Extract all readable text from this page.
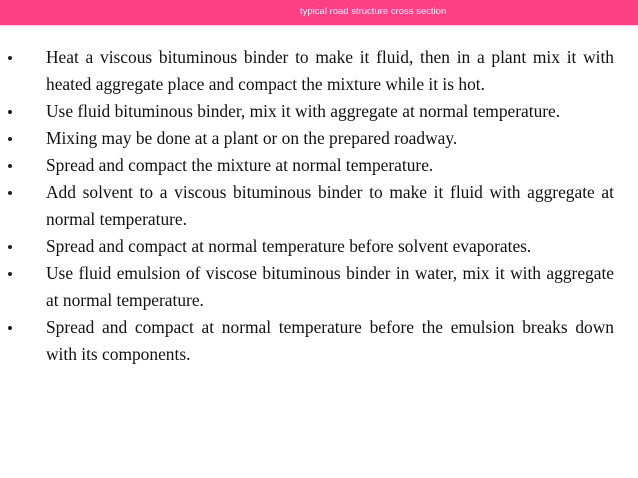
typical road structure cross section
Heat a viscous bituminous binder to make it fluid, then in a plant mix it with heated aggregate place and compact the mixture while it is hot.
Use fluid bituminous binder, mix it with aggregate at normal temperature.
Mixing may be done at a plant or on the prepared roadway.
Spread and compact the mixture at normal temperature.
Add solvent to a viscous bituminous binder to make it fluid with aggregate at normal temperature.
Spread and compact at normal temperature before solvent evaporates.
Use fluid emulsion of viscose bituminous binder in water, mix it with aggregate at normal temperature.
Spread and compact at normal temperature before the emulsion breaks down with its components.
